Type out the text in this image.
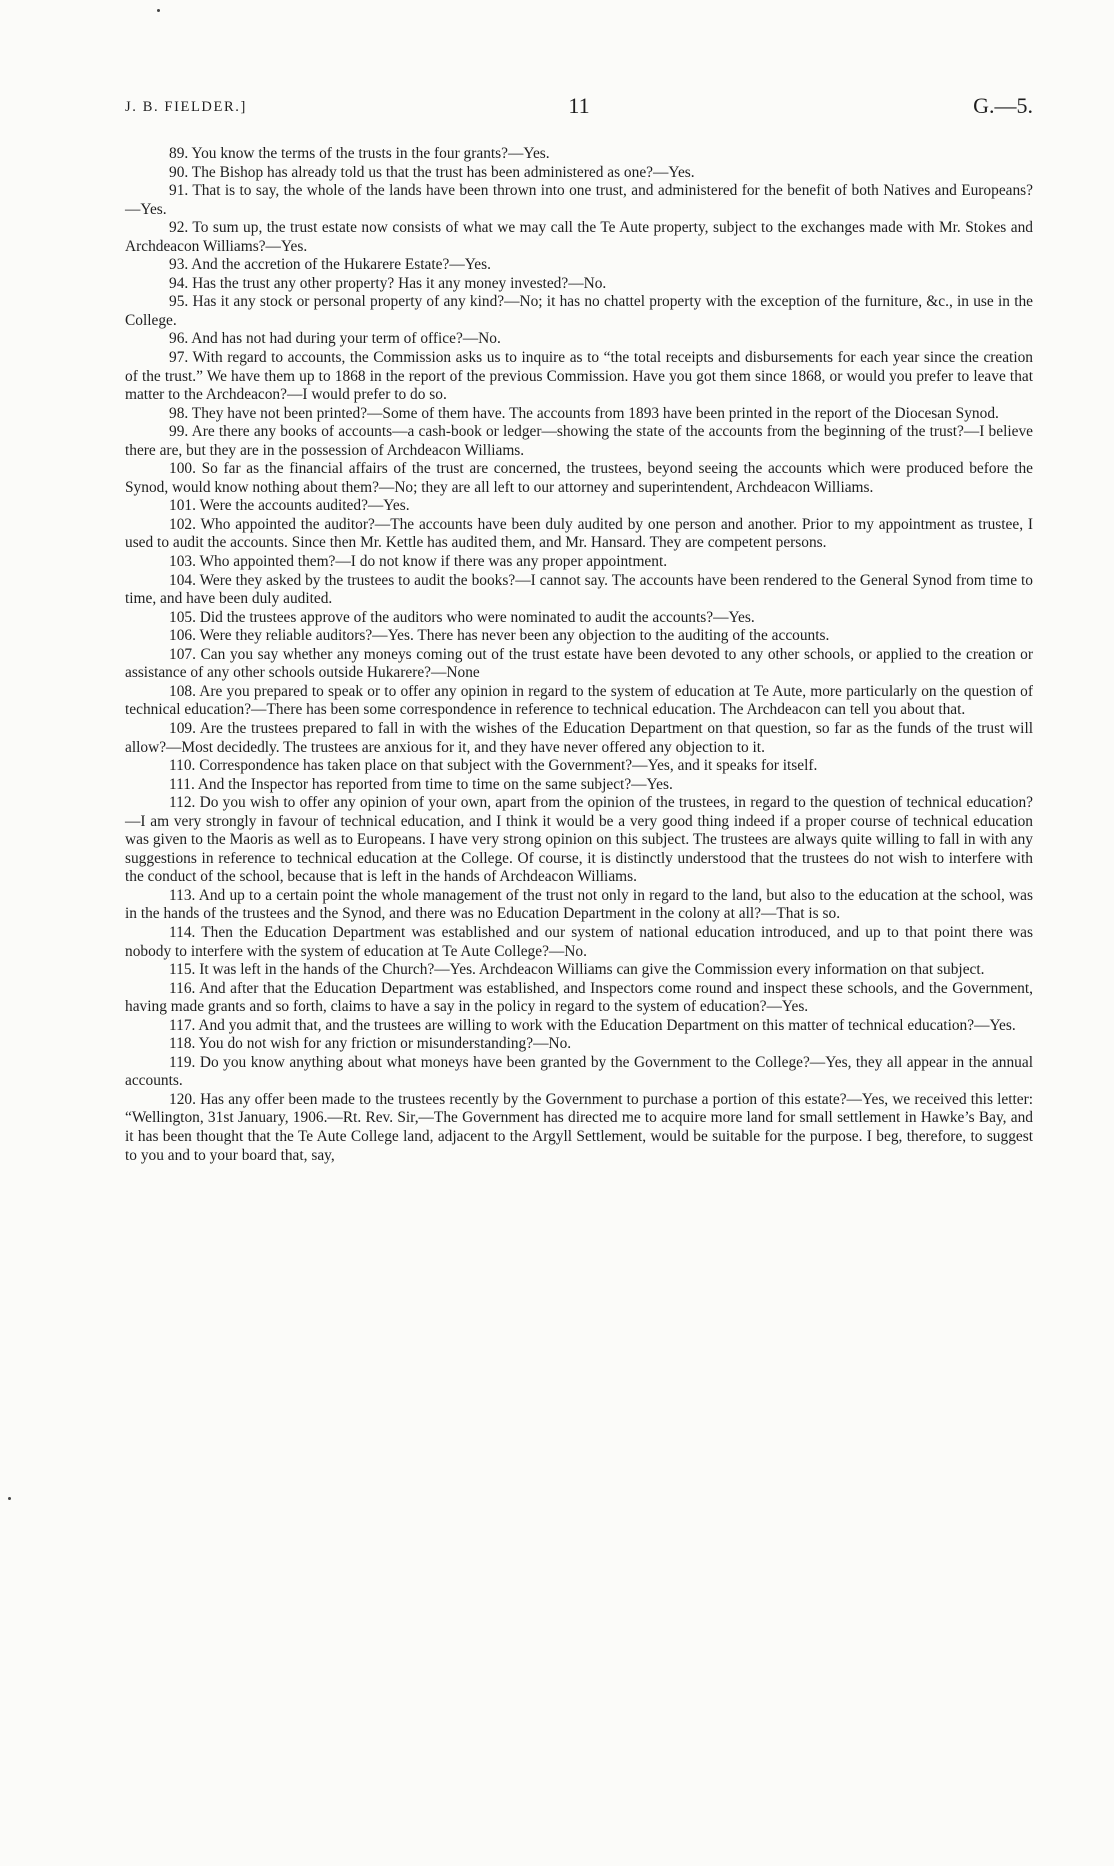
J. B. FIELDER.]	11	G.—5.

89. You know the terms of the trusts in the four grants?—Yes.

90. The Bishop has already told us that the trust has been administered as one?—Yes.

91. That is to say, the whole of the lands have been thrown into one trust, and administered for the benefit of both Natives and Europeans?—Yes.

92. To sum up, the trust estate now consists of what we may call the Te Aute property, subject to the exchanges made with Mr. Stokes and Archdeacon Williams?—Yes.

93. And the accretion of the Hukarere Estate?—Yes.

94. Has the trust any other property? Has it any money invested?—No.

95. Has it any stock or personal property of any kind?—No; it has no chattel property with the exception of the furniture, &c., in use in the College.

96. And has not had during your term of office?—No.

97. With regard to accounts, the Commission asks us to inquire as to “the total receipts and disbursements for each year since the creation of the trust.” We have them up to 1868 in the report of the previous Commission. Have you got them since 1868, or would you prefer to leave that matter to the Archdeacon?—I would prefer to do so.

98. They have not been printed?—Some of them have. The accounts from 1893 have been printed in the report of the Diocesan Synod.

99. Are there any books of accounts—a cash-book or ledger—showing the state of the accounts from the beginning of the trust?—I believe there are, but they are in the possession of Archdeacon Williams.

100. So far as the financial affairs of the trust are concerned, the trustees, beyond seeing the accounts which were produced before the Synod, would know nothing about them?—No; they are all left to our attorney and superintendent, Archdeacon Williams.

101. Were the accounts audited?—Yes.

102. Who appointed the auditor?—The accounts have been duly audited by one person and another. Prior to my appointment as trustee, I used to audit the accounts. Since then Mr. Kettle has audited them, and Mr. Hansard. They are competent persons.

103. Who appointed them?—I do not know if there was any proper appointment.

104. Were they asked by the trustees to audit the books?—I cannot say. The accounts have been rendered to the General Synod from time to time, and have been duly audited.

105. Did the trustees approve of the auditors who were nominated to audit the accounts?—Yes.

106. Were they reliable auditors?—Yes. There has never been any objection to the auditing of the accounts.

107. Can you say whether any moneys coming out of the trust estate have been devoted to any other schools, or applied to the creation or assistance of any other schools outside Hukarere?—None

108. Are you prepared to speak or to offer any opinion in regard to the system of education at Te Aute, more particularly on the question of technical education?—There has been some correspondence in reference to technical education. The Archdeacon can tell you about that.

109. Are the trustees prepared to fall in with the wishes of the Education Department on that question, so far as the funds of the trust will allow?—Most decidedly. The trustees are anxious for it, and they have never offered any objection to it.

110. Correspondence has taken place on that subject with the Government?—Yes, and it speaks for itself.

111. And the Inspector has reported from time to time on the same subject?—Yes.

112. Do you wish to offer any opinion of your own, apart from the opinion of the trustees, in regard to the question of technical education?—I am very strongly in favour of technical education, and I think it would be a very good thing indeed if a proper course of technical education was given to the Maoris as well as to Europeans. I have very strong opinion on this subject. The trustees are always quite willing to fall in with any suggestions in reference to technical education at the College. Of course, it is distinctly understood that the trustees do not wish to interfere with the conduct of the school, because that is left in the hands of Archdeacon Williams.

113. And up to a certain point the whole management of the trust not only in regard to the land, but also to the education at the school, was in the hands of the trustees and the Synod, and there was no Education Department in the colony at all?—That is so.

114. Then the Education Department was established and our system of national education introduced, and up to that point there was nobody to interfere with the system of education at Te Aute College?—No.

115. It was left in the hands of the Church?—Yes. Archdeacon Williams can give the Commission every information on that subject.

116. And after that the Education Department was established, and Inspectors come round and inspect these schools, and the Government, having made grants and so forth, claims to have a say in the policy in regard to the system of education?—Yes.

117. And you admit that, and the trustees are willing to work with the Education Department on this matter of technical education?—Yes.

118. You do not wish for any friction or misunderstanding?—No.

119. Do you know anything about what moneys have been granted by the Government to the College?—Yes, they all appear in the annual accounts.

120. Has any offer been made to the trustees recently by the Government to purchase a portion of this estate?—Yes, we received this letter: “Wellington, 31st January, 1906.—Rt. Rev. Sir,—The Government has directed me to acquire more land for small settlement in Hawke’s Bay, and it has been thought that the Te Aute College land, adjacent to the Argyll Settlement, would be suitable for the purpose. I beg, therefore, to suggest to you and to your board that, say,
